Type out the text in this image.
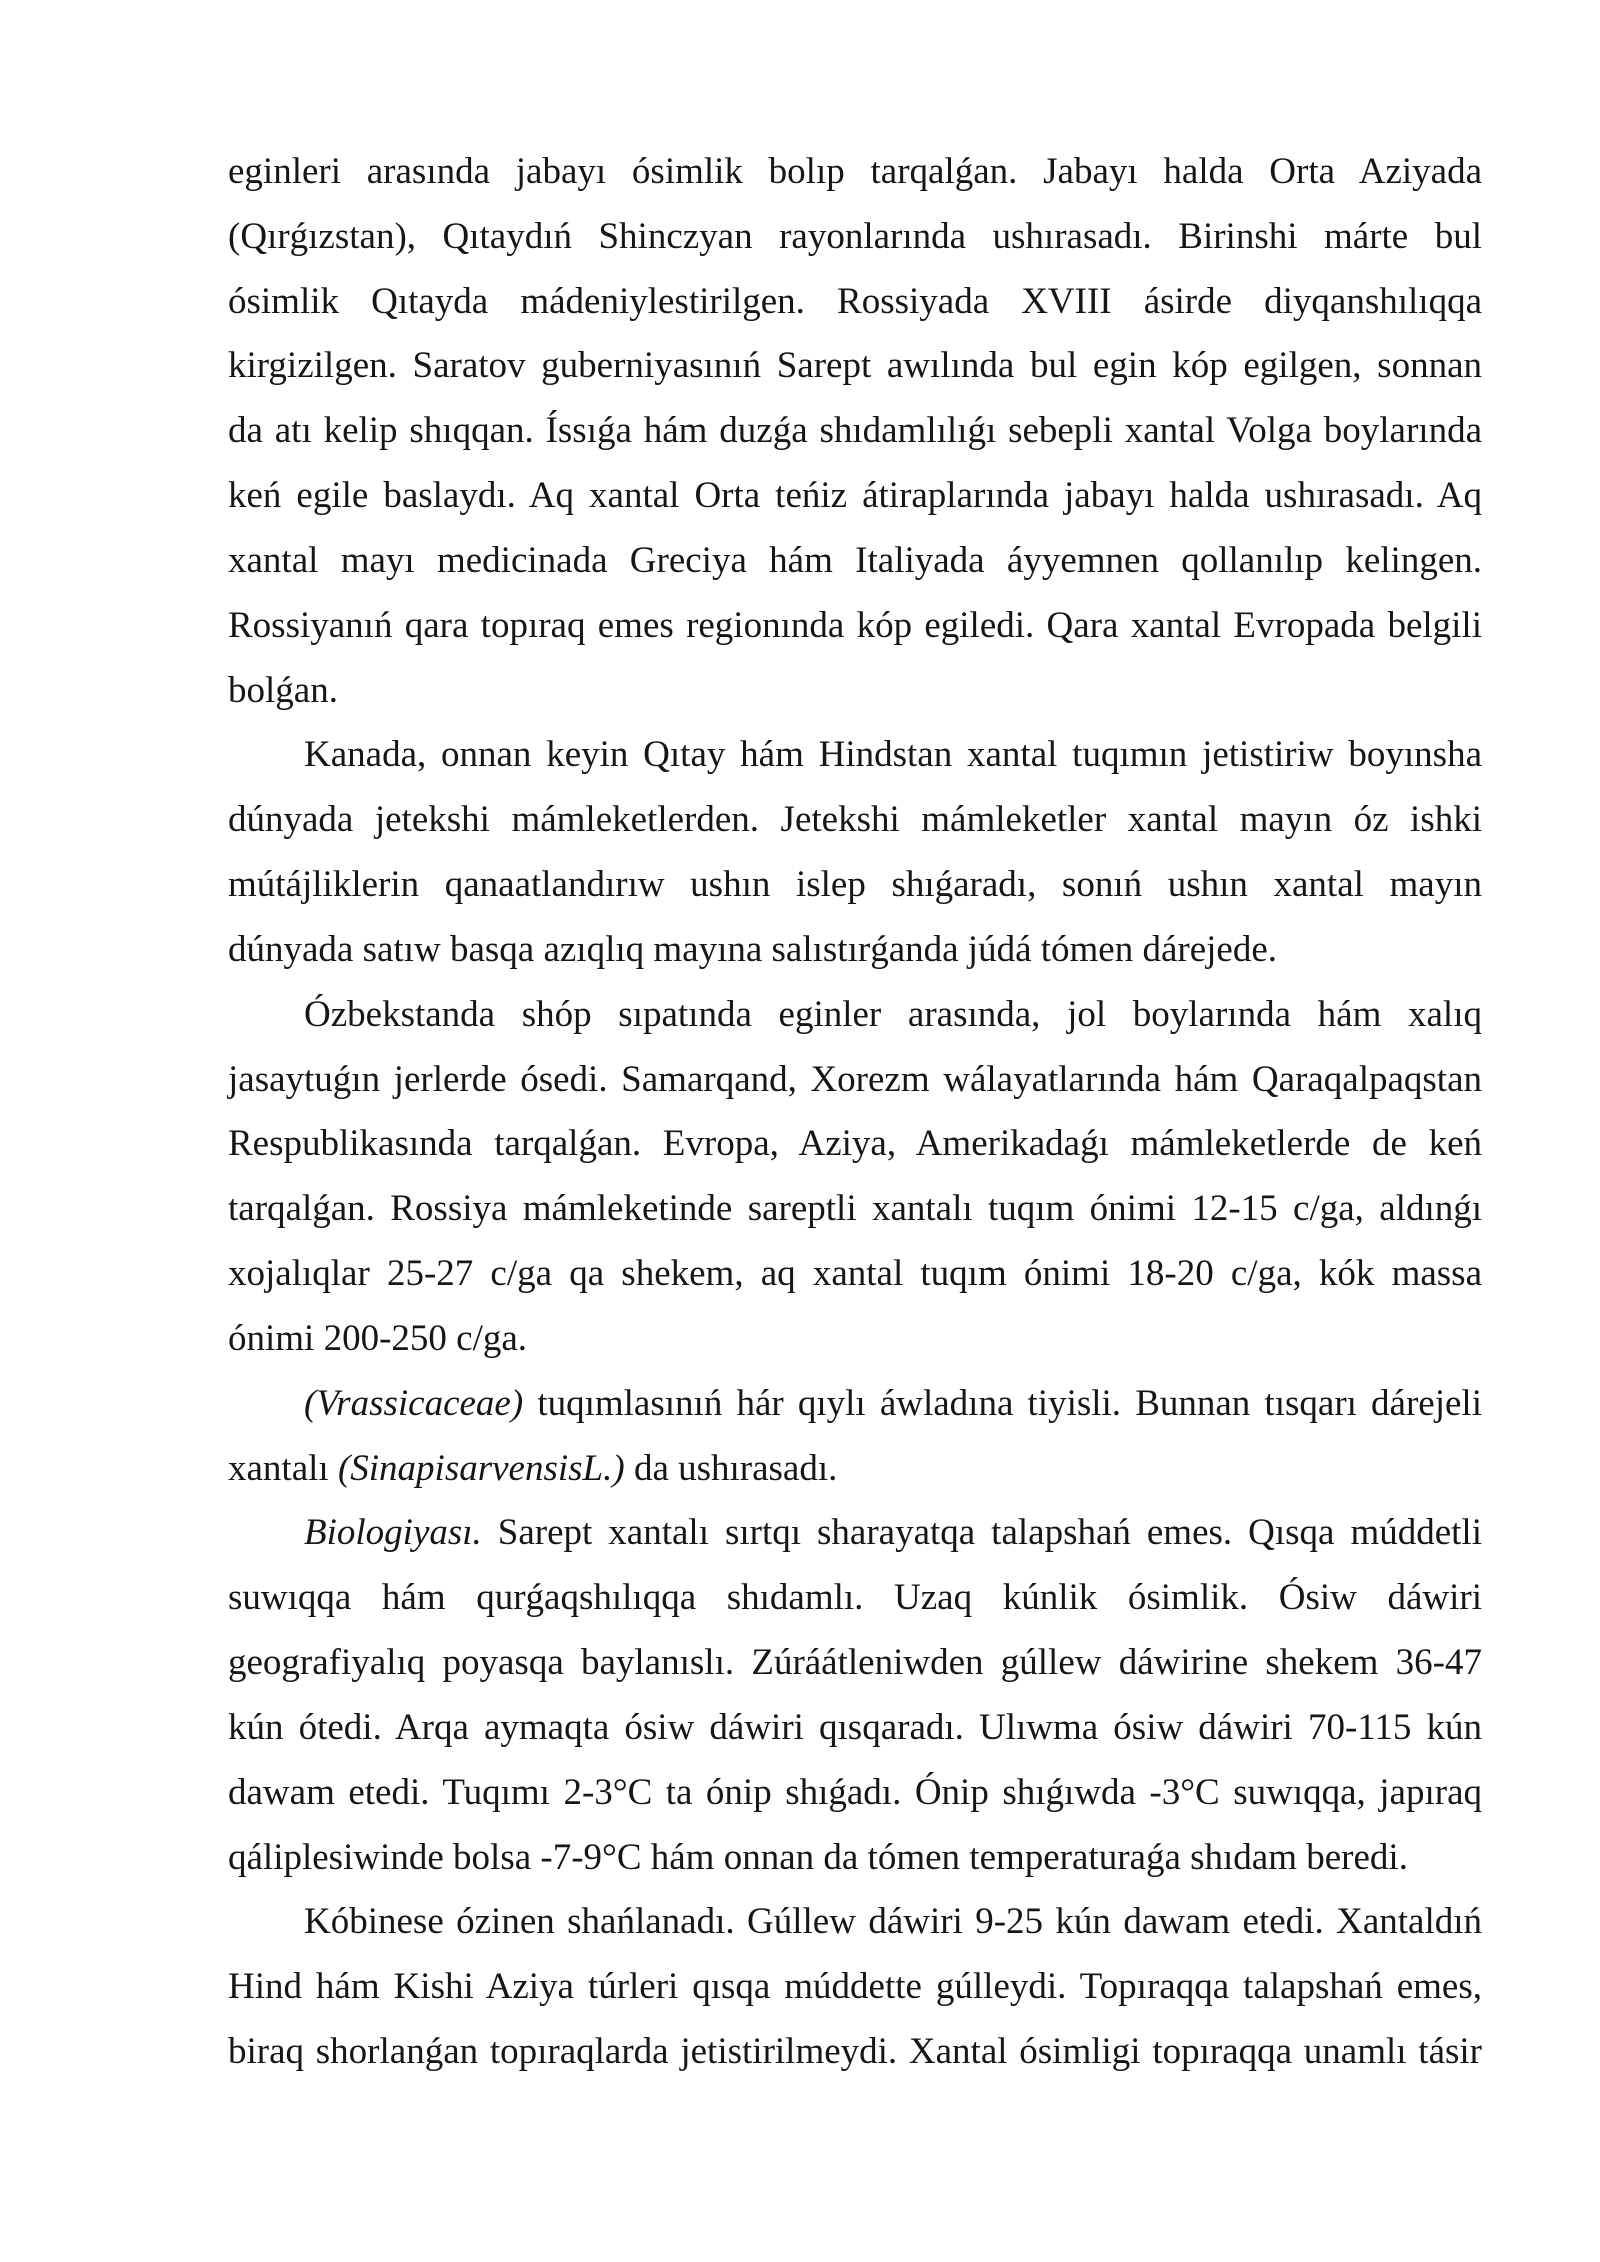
eginleri arasında jabayı ósimlik bolıp tarqalǵan. Jabayı halda Orta Aziyada
(Qırǵızstan), Qıtaydıń Shinczyan rayonlarında ushırasadı. Birinshi márte bul
ósimlik Qıtayda mádeniylestirilgen. Rossiyada XVIII ásirde diyqanshılıqqa
kirgizilgen. Saratov guberniyasınıń Sarept awılında bul egin kóp egilgen, sonnan
da atı kelip shıqqan. Íssıǵa hám duzǵa shıdamlılıǵı sebepli xantal Volga boylarında
keń egile baslaydı. Aq xantal Orta teńiz átiraplarında jabayı halda ushırasadı. Aq
xantal mayı medicinada Greciya hám Italiyada áyyemnen qollanılıp kelingen.
Rossiyanıń qara topıraq emes regionında kóp egiledi. Qara xantal Evropada belgili
bolǵan.
Kanada, onnan keyin Qıtay hám Hindstan xantal tuqımın jetistiriw boyınsha
dúnyada jetekshi mámleketlerden. Jetekshi mámleketler xantal mayın óz ishki
mútájliklerin qanaatlandırıw ushın islep shıǵaradı, sonıń ushın xantal mayın
dúnyada satıw basqa azıqlıq mayına salıstırǵanda júdá tómen dárejede.
Ózbekstanda shóp sıpatında eginler arasında, jol boylarında hám xalıq
jasaytuǵın jerlerde ósedi. Samarqand, Xorezm wálayatlarında hám Qaraqalpaqstan
Respublikasında tarqalǵan. Evropa, Aziya, Amerikadaǵı mámleketlerde de keń
tarqalǵan. Rossiya mámleketinde sareptli xantalı tuqım ónimi 12-15 c/ga, aldınǵı
xojalıqlar 25-27 c/ga qa shekem, aq xantal tuqım ónimi 18-20 c/ga, kók massa
ónimi 200-250 c/ga.
(Vrassicaceae) tuqımlasınıń hár qıylı áwladına tiyisli. Bunnan tısqarı dárejeli
xantalı (SinapisarvensisL.) da ushırasadı.
Biologiyası. Sarept xantalı sırtqı sharayatqa talapshań emes. Qısqa múddetli
suwıqqa hám qurǵaqshılıqqa shıdamlı. Uzaq kúnlik ósimlik. Ósiw dáwiri
geografiyalıq poyasqa baylanıslı. Zúráátleniwden gúllew dáwirine shekem 36-47
kún ótedi. Arqa aymaqta ósiw dáwiri qısqaradı. Ulıwma ósiw dáwiri 70-115 kún
dawam etedi. Tuqımı 2-3°C ta ónip shıǵadı. Ónip shıǵıwda -3°C suwıqqa, japıraq
qáliplesiwinde bolsa -7-9°C hám onnan da tómen temperaturaǵa shıdam beredi.
Kóbinese ózinen shańlanadı. Gúllew dáwiri 9-25 kún dawam etedi. Xantaldıń
Hind hám Kishi Aziya túrleri qısqa múddette gúlleydi. Topıraqqa talapshań emes,
biraq shorlanǵan topıraqlarda jetistirilmeydi. Xantal ósimligi topıraqqa unamlı tásir
